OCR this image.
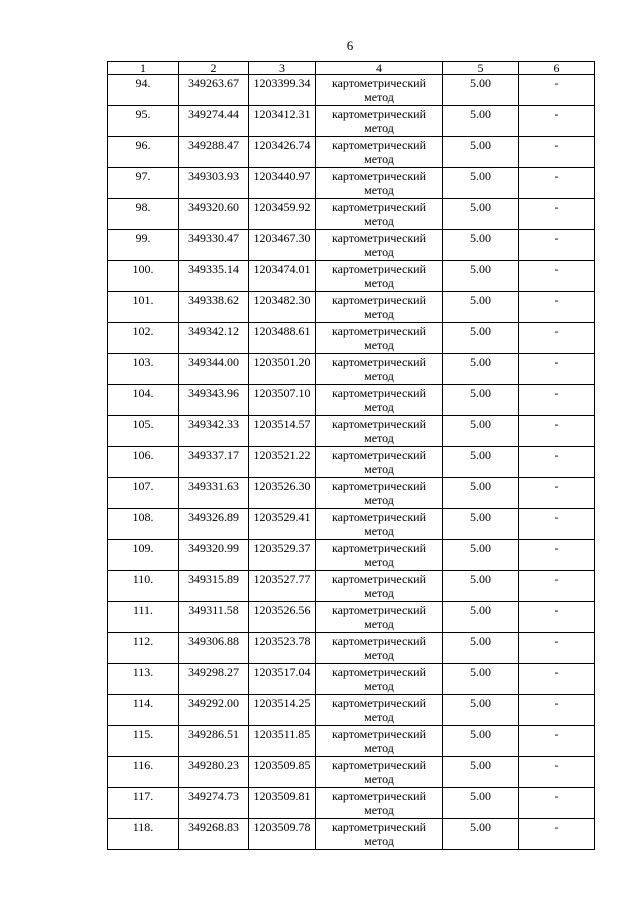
6
1	2	3	4	5	6
94.	349263.67	1203399.34	картометрический метод	5.00	-
95.	349274.44	1203412.31	картометрический метод	5.00	-
96.	349288.47	1203426.74	картометрический метод	5.00	-
97.	349303.93	1203440.97	картометрический метод	5.00	-
98.	349320.60	1203459.92	картометрический метод	5.00	-
99.	349330.47	1203467.30	картометрический метод	5.00	-
100.	349335.14	1203474.01	картометрический метод	5.00	-
101.	349338.62	1203482.30	картометрический метод	5.00	-
102.	349342.12	1203488.61	картометрический метод	5.00	-
103.	349344.00	1203501.20	картометрический метод	5.00	-
104.	349343.96	1203507.10	картометрический метод	5.00	-
105.	349342.33	1203514.57	картометрический метод	5.00	-
106.	349337.17	1203521.22	картометрический метод	5.00	-
107.	349331.63	1203526.30	картометрический метод	5.00	-
108.	349326.89	1203529.41	картометрический метод	5.00	-
109.	349320.99	1203529.37	картометрический метод	5.00	-
110.	349315.89	1203527.77	картометрический метод	5.00	-
111.	349311.58	1203526.56	картометрический метод	5.00	-
112.	349306.88	1203523.78	картометрический метод	5.00	-
113.	349298.27	1203517.04	картометрический метод	5.00	-
114.	349292.00	1203514.25	картометрический метод	5.00	-
115.	349286.51	1203511.85	картометрический метод	5.00	-
116.	349280.23	1203509.85	картометрический метод	5.00	-
117.	349274.73	1203509.81	картометрический метод	5.00	-
118.	349268.83	1203509.78	картометрический метод	5.00	-
